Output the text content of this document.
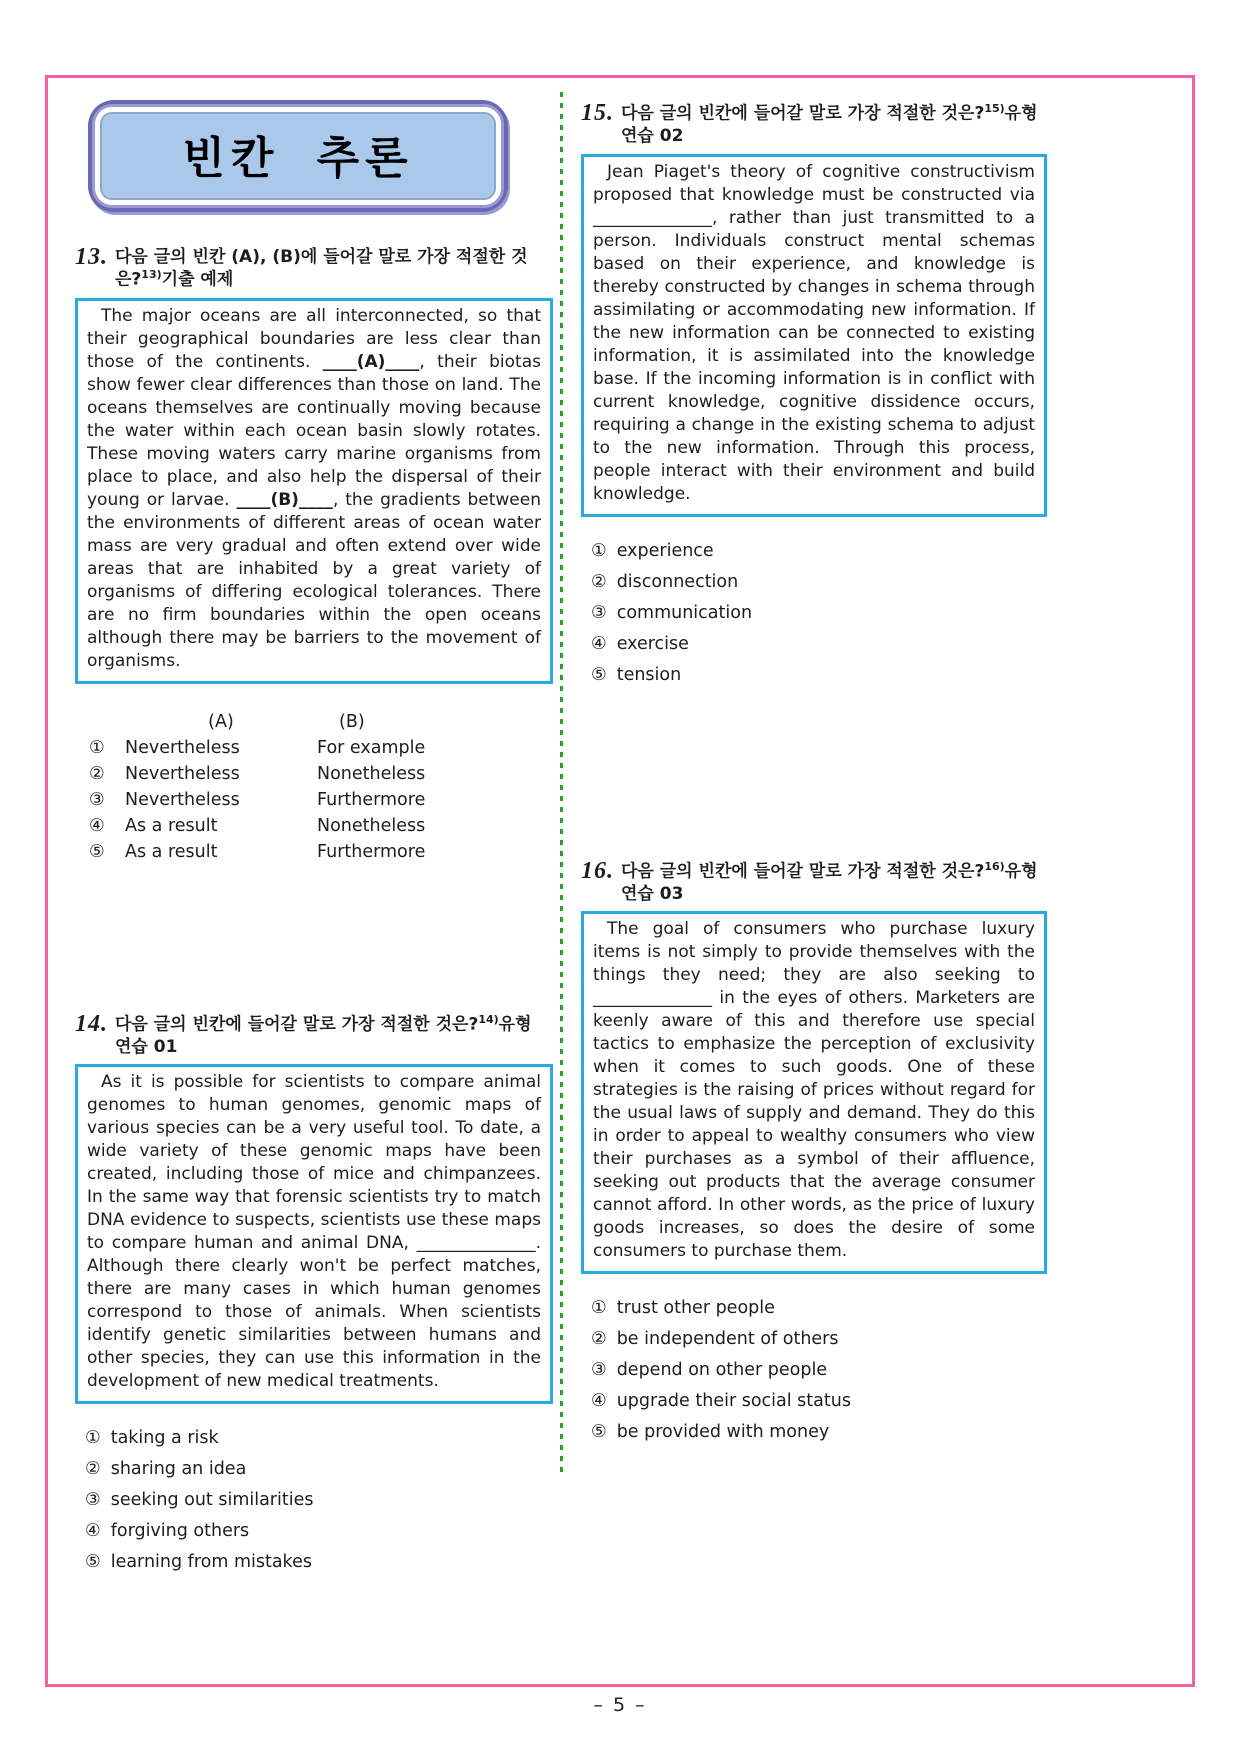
빈칸 추론
13. 다음 글의 빈칸 (A), (B)에 들어갈 말로 가장 적절한 것은?$^{13)}$기출 예제

The major oceans are all interconnected, so that their geographical boundaries are less clear than those of the continents. ____(A)____, their biotas show fewer clear differences than those on land. The oceans themselves are continually moving because the water within each ocean basin slowly rotates. These moving waters carry marine organisms from place to place, and also help the dispersal of their young or larvae. ____(B)____, the gradients between the environments of different areas of ocean water mass are very gradual and often extend over wide areas that are inhabited by a great variety of organisms of differing ecological tolerances. There are no firm boundaries within the open oceans although there may be barriers to the movement of organisms.

(A)	(B)
①	Nevertheless	For example
②	Nevertheless	Nonetheless
③	Nevertheless	Furthermore
④	As a result	Nonetheless
⑤	As a result	Furthermore
14. 다음 글의 빈칸에 들어갈 말로 가장 적절한 것은?$^{14)}$유형 연습 01

As it is possible for scientists to compare animal genomes to human genomes, genomic maps of various species can be a very useful tool. To date, a wide variety of these genomic maps have been created, including those of mice and chimpanzees. In the same way that forensic scientists try to match DNA evidence to suspects, scientists use these maps to compare human and animal DNA, ______________. Although there clearly won't be perfect matches, there are many cases in which human genomes correspond to those of animals. When scientists identify genetic similarities between humans and other species, they can use this information in the development of new medical treatments.

① taking a risk
② sharing an idea
③ seeking out similarities
④ forgiving others
⑤ learning from mistakes
15. 다음 글의 빈칸에 들어갈 말로 가장 적절한 것은?$^{15)}$유형 연습 02

Jean Piaget's theory of cognitive constructivism proposed that knowledge must be constructed via ______________, rather than just transmitted to a person. Individuals construct mental schemas based on their experience, and knowledge is thereby constructed by changes in schema through assimilating or accommodating new information. If the new information can be connected to existing information, it is assimilated into the knowledge base. If the incoming information is in conflict with current knowledge, cognitive dissidence occurs, requiring a change in the existing schema to adjust to the new information. Through this process, people interact with their environment and build knowledge.

① experience
② disconnection
③ communication
④ exercise
⑤ tension
16. 다음 글의 빈칸에 들어갈 말로 가장 적절한 것은?$^{16)}$유형 연습 03

The goal of consumers who purchase luxury items is not simply to provide themselves with the things they need; they are also seeking to ______________ in the eyes of others. Marketers are keenly aware of this and therefore use special tactics to emphasize the perception of exclusivity when it comes to such goods. One of these strategies is the raising of prices without regard for the usual laws of supply and demand. They do this in order to appeal to wealthy consumers who view their purchases as a symbol of their affluence, seeking out products that the average consumer cannot afford. In other words, as the price of luxury goods increases, so does the desire of some consumers to purchase them.

① trust other people
② be independent of others
③ depend on other people
④ upgrade their social status
⑤ be provided with money
– 5 –
